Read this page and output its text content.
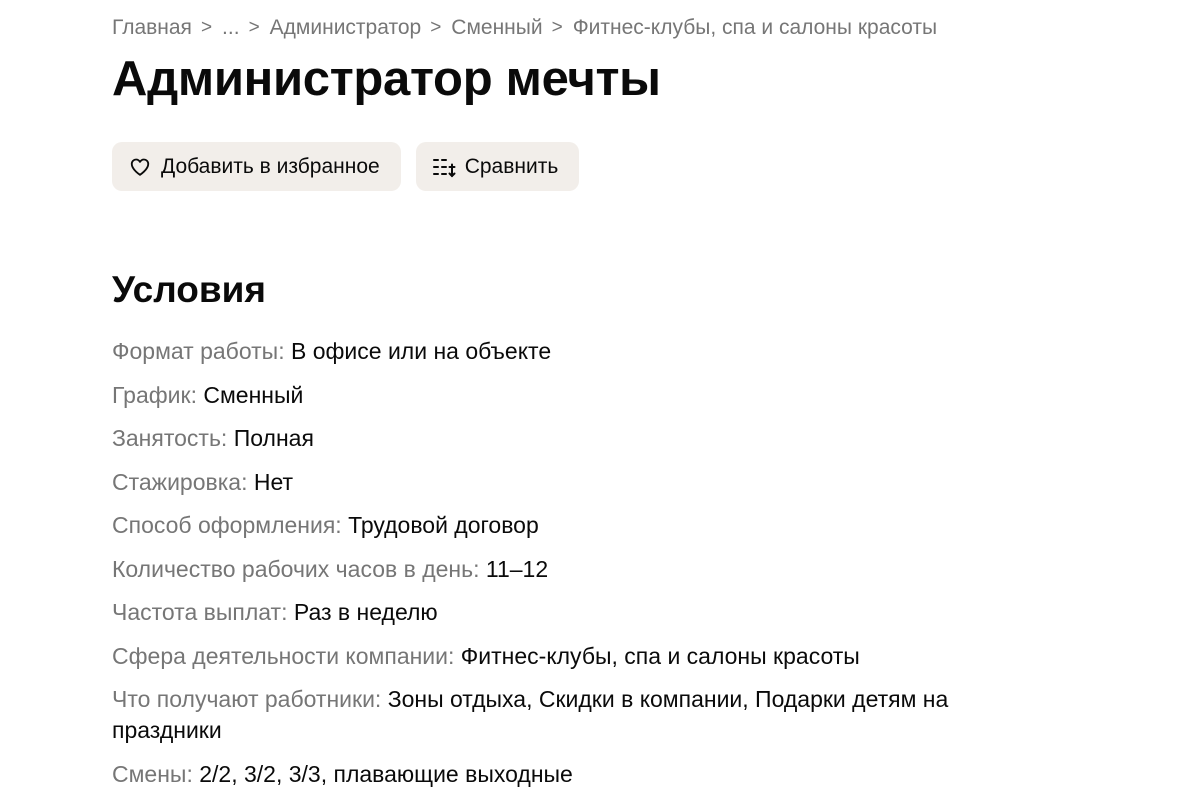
Главная > ... > Администратор > Сменный > Фитнес-клубы, спа и салоны красоты
Администратор мечты
Добавить в избранное	Сравнить
Условия
Формат работы: В офисе или на объекте
График: Сменный
Занятость: Полная
Стажировка: Нет
Способ оформления: Трудовой договор
Количество рабочих часов в день: 11–12
Частота выплат: Раз в неделю
Сфера деятельности компании: Фитнес-клубы, спа и салоны красоты
Что получают работники: Зоны отдыха, Скидки в компании, Подарки детям на праздники
Смены: 2/2, 3/2, 3/3, плавающие выходные
